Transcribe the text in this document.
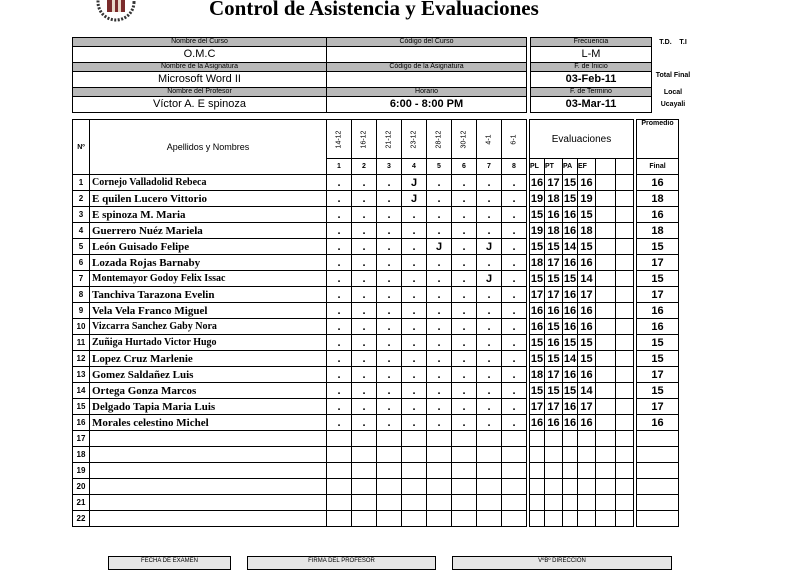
Control de Asistencia y Evaluaciones
Nombre del Curso	Código del Curso		Frecuencia	T.D.    T.I
O.M.C			L-M	
Nombre de la Asignatura	Código de la Asignatura		F. de Inicio	Total Final
Microsoft Word II			03-Feb-11	
Nombre del Profesor	Horario		F. de Termino	Local
Víctor A. E spinoza	6:00 - 8:00 PM		03-Mar-11	Ucayali
Nº	Apellidos y Nombres	14-12	16-12	21-12	23-12	28-12	30-12	4-1	6-1		Evaluaciones							Promedio
		1	2	3	4	5	6	7	8		PL	PT	PA	EF				Final
1	Cornejo Valladolid Rebeca	.	.	.	J	.	.	.	.		16	17	15	16				16
2	E quilen Lucero Vittorio	.	.	.	J	.	.	.	.		19	18	15	19				18
3	E spinoza M. Maria	.	.	.	.	.	.	.	.		15	16	16	15				16
4	Guerrero Nuéz Mariela	.	.	.	.	.	.	.	.		19	18	16	18				18
5	León Guisado Felipe	.	.	.	.	J	.	J	.		15	15	14	15				15
6	Lozada Rojas Barnaby	.	.	.	.	.	.	.	.		18	17	16	16				17
7	Montemayor Godoy Felix Issac	.	.	.	.	.	.	J	.		15	15	15	14				15
8	Tanchiva Tarazona Evelin	.	.	.	.	.	.	.	.		17	17	16	17				17
9	Vela Vela Franco Miguel	.	.	.	.	.	.	.	.		16	16	16	16				16
10	Vizcarra Sanchez Gaby Nora	.	.	.	.	.	.	.	.		16	15	16	16				16
11	Zuñiga Hurtado Victor Hugo	.	.	.	.	.	.	.	.		15	16	15	15				15
12	Lopez Cruz Marlenie	.	.	.	.	.	.	.	.		15	15	14	15				15
13	Gomez Saldañez Luis	.	.	.	.	.	.	.	.		18	17	16	16				17
14	Ortega Gonza Marcos	.	.	.	.	.	.	.	.		15	15	15	14				15
15	Delgado Tapia Maria Luis	.	.	.	.	.	.	.	.		17	17	16	17				17
16	Morales celestino Michel	.	.	.	.	.	.	.	.		16	16	16	16				16
17																		
18																		
19																		
20																		
21																		
22																		
FECHA DE EXAMEN	FIRMA DEL PROFESOR	VºBº DIRECCIÓN
